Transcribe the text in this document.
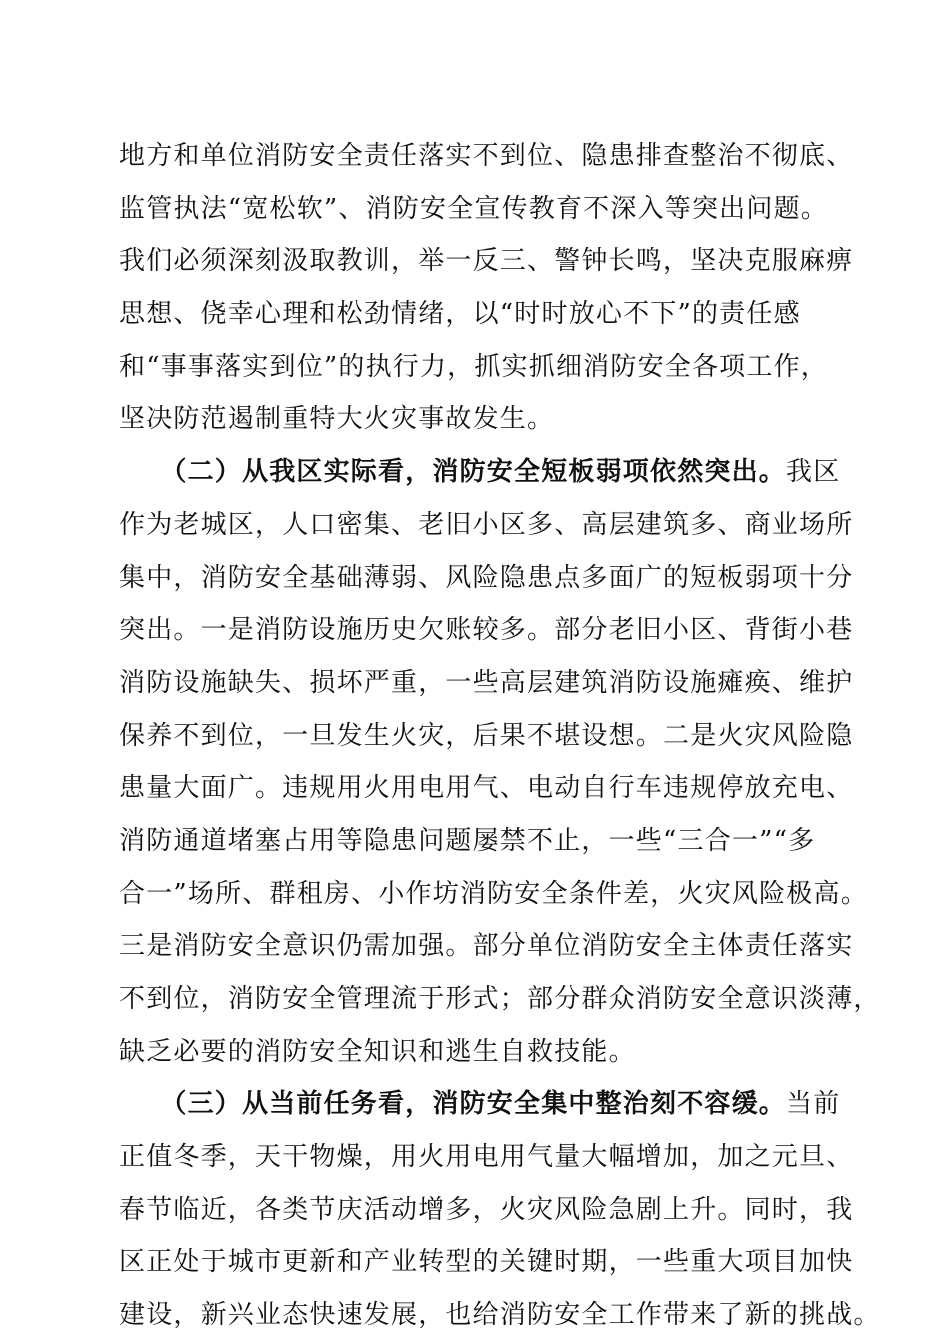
地方和单位消防安全责任落实不到位、隐患排查整治不彻底、
监管执法“宽松软”、消防安全宣传教育不深入等突出问题。
我们必须深刻汲取教训，举一反三、警钟长鸣，坚决克服麻痹
思想、侥幸心理和松劲情绪，以“时时放心不下”的责任感
和“事事落实到位”的执行力，抓实抓细消防安全各项工作，
坚决防范遏制重特大火灾事故发生。
　　（二）从我区实际看，消防安全短板弱项依然突出。我区
作为老城区，人口密集、老旧小区多、高层建筑多、商业场所
集中，消防安全基础薄弱、风险隐患点多面广的短板弱项十分
突出。一是消防设施历史欠账较多。部分老旧小区、背街小巷
消防设施缺失、损坏严重，一些高层建筑消防设施瘫痪、维护
保养不到位，一旦发生火灾，后果不堪设想。二是火灾风险隐
患量大面广。违规用火用电用气、电动自行车违规停放充电、
消防通道堵塞占用等隐患问题屡禁不止，一些“三合一”“多
合一”场所、群租房、小作坊消防安全条件差，火灾风险极高。
三是消防安全意识仍需加强。部分单位消防安全主体责任落实
不到位，消防安全管理流于形式；部分群众消防安全意识淡薄，
缺乏必要的消防安全知识和逃生自救技能。
　　（三）从当前任务看，消防安全集中整治刻不容缓。当前
正值冬季，天干物燥，用火用电用气量大幅增加，加之元旦、
春节临近，各类节庆活动增多，火灾风险急剧上升。同时，我
区正处于城市更新和产业转型的关键时期，一些重大项目加快
建设，新兴业态快速发展，也给消防安全工作带来了新的挑战。
